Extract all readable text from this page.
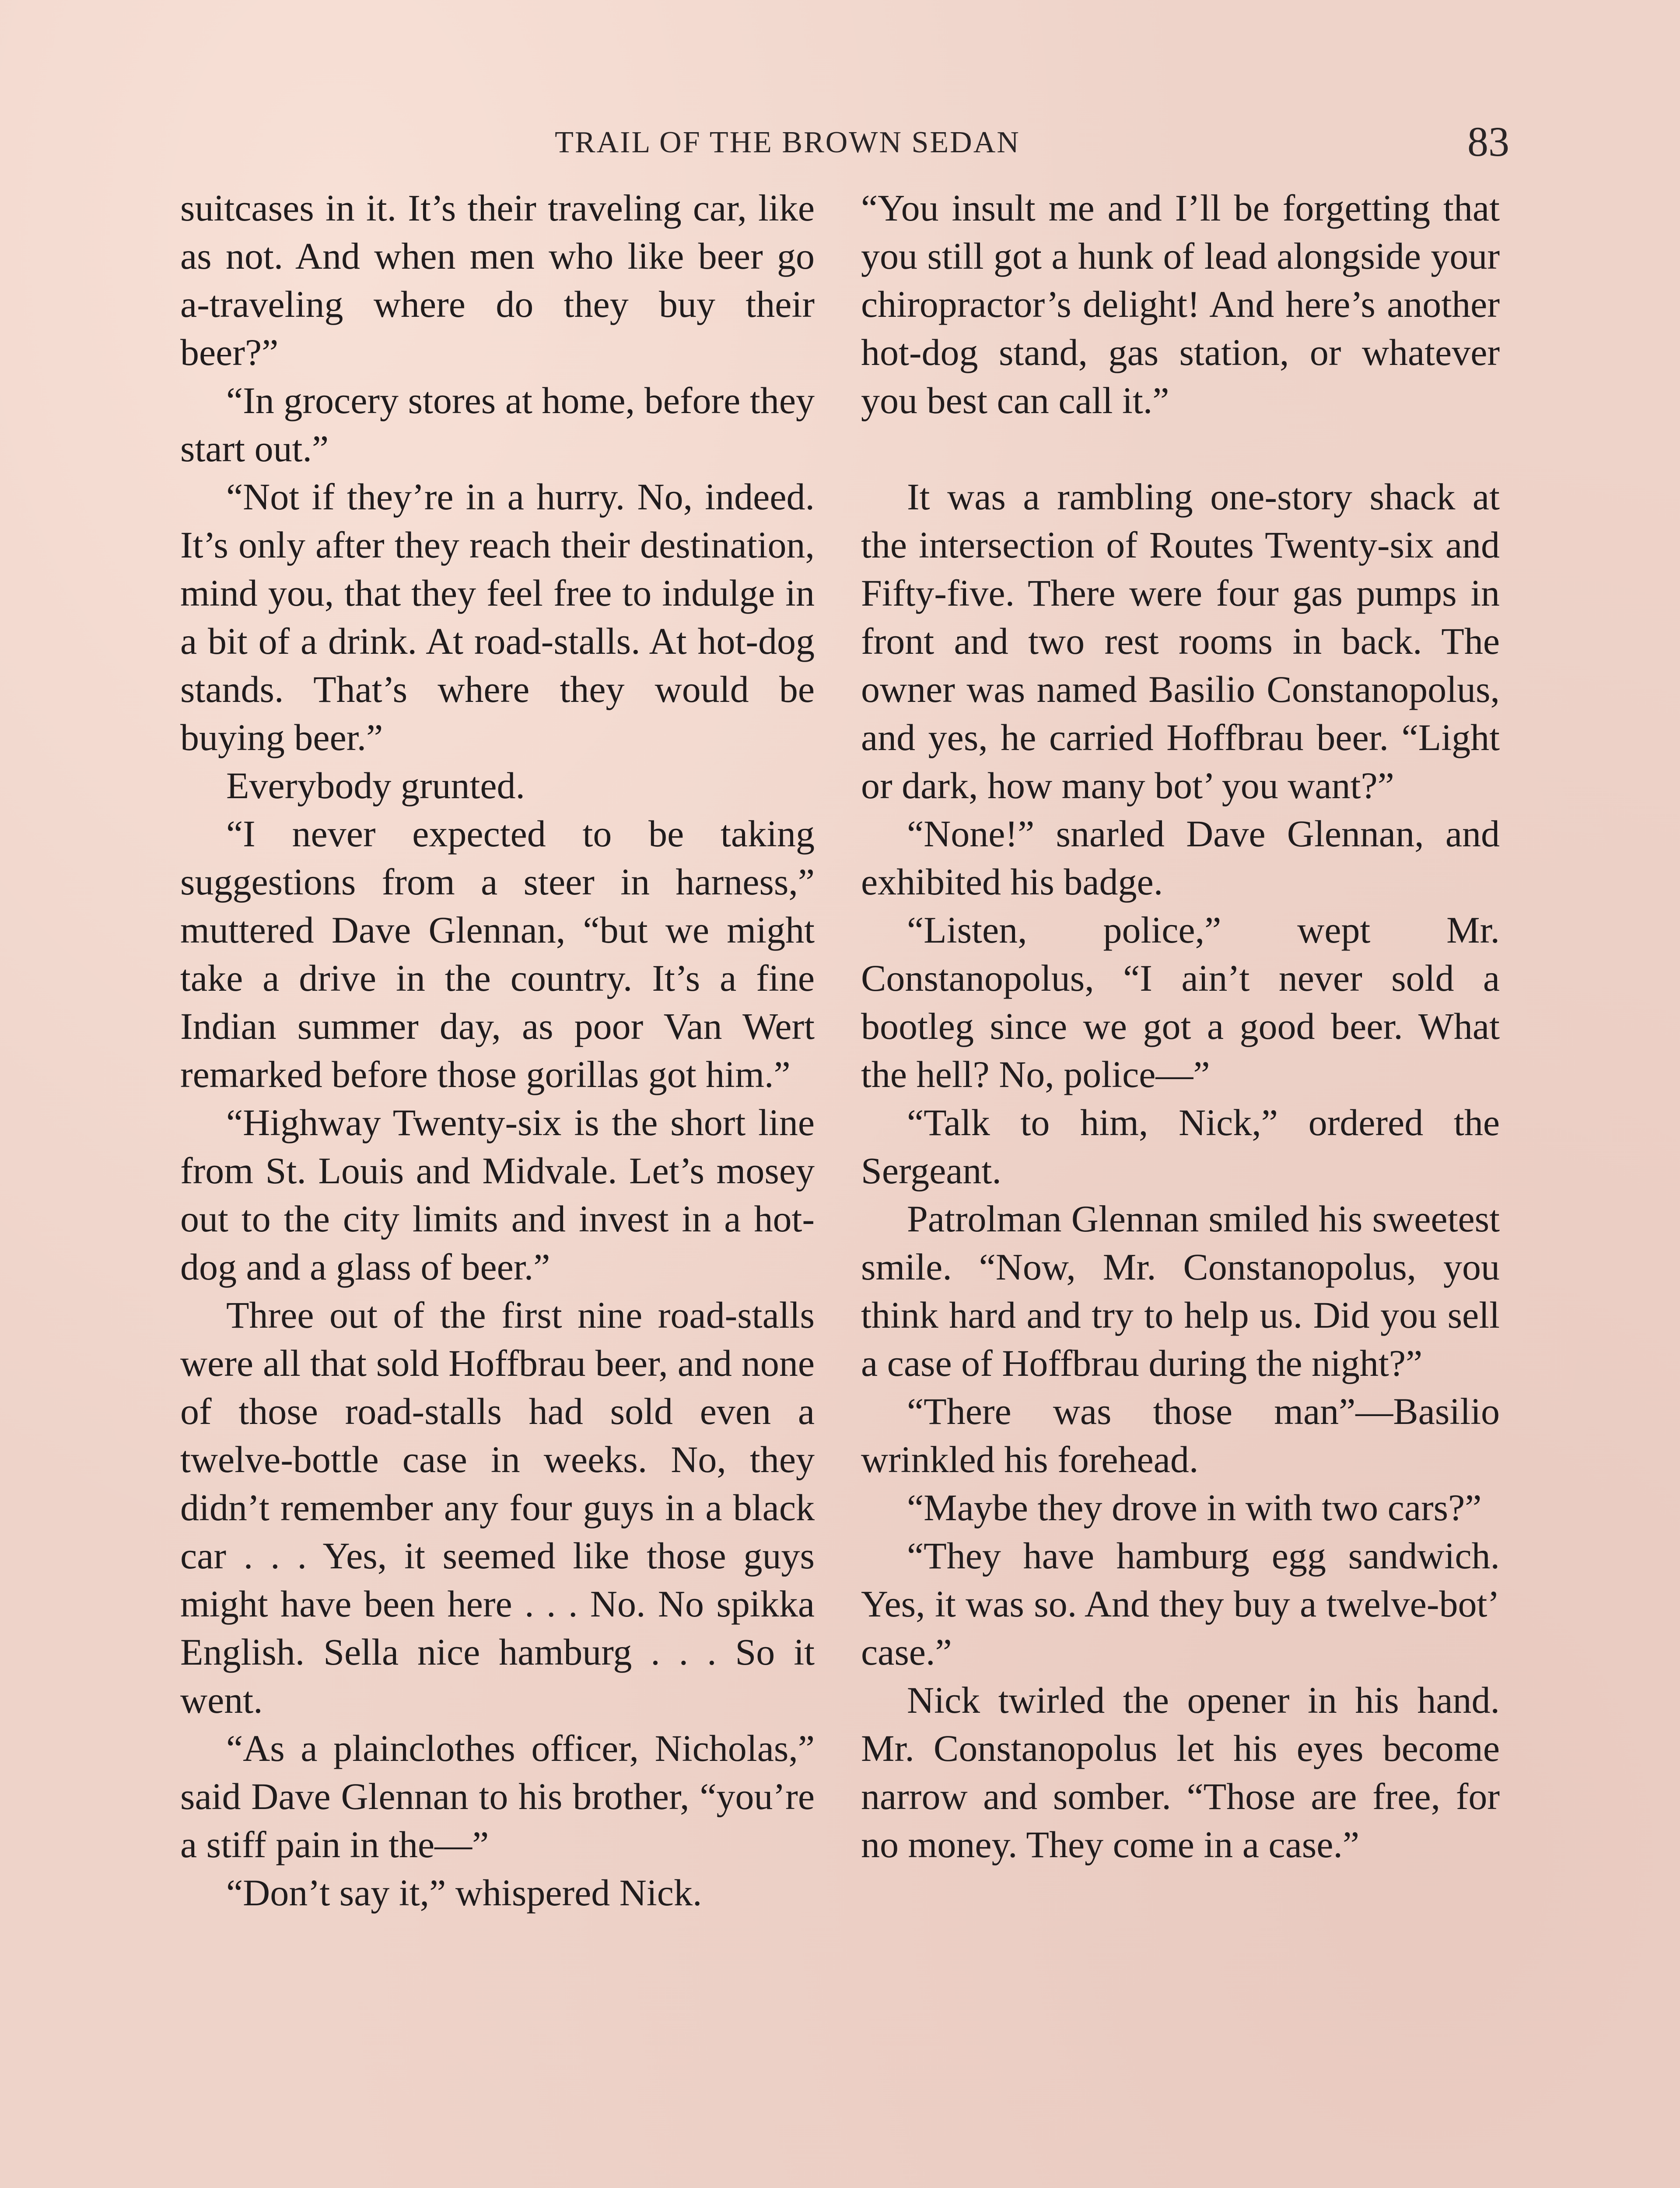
TRAIL OF THE BROWN SEDAN	83

suitcases in it. It’s their traveling car, like as not. And when men who like beer go a-traveling where do they buy their beer?”

“In grocery stores at home, before they start out.”

“Not if they’re in a hurry. No, indeed. It’s only after they reach their destination, mind you, that they feel free to indulge in a bit of a drink. At road-stalls. At hot-dog stands. That’s where they would be buying beer.”

Everybody grunted.

“I never expected to be taking suggestions from a steer in harness,” muttered Dave Glennan, “but we might take a drive in the country. It’s a fine Indian summer day, as poor Van Wert remarked before those gorillas got him.”

“Highway Twenty-six is the short line from St. Louis and Midvale. Let’s mosey out to the city limits and invest in a hot-dog and a glass of beer.”

Three out of the first nine road-stalls were all that sold Hoffbrau beer, and none of those road-stalls had sold even a twelve-bottle case in weeks. No, they didn’t remember any four guys in a black car . . . Yes, it seemed like those guys might have been here . . . No. No spikka English. Sella nice hamburg . . . So it went.

“As a plainclothes officer, Nicholas,” said Dave Glennan to his brother, “you’re a stiff pain in the—”

“Don’t say it,” whispered Nick.

“You insult me and I’ll be forgetting that you still got a hunk of lead alongside your chiropractor’s delight! And here’s another hot-dog stand, gas station, or whatever you best can call it.”

It was a rambling one-story shack at the intersection of Routes Twenty-six and Fifty-five. There were four gas pumps in front and two rest rooms in back. The owner was named Basilio Constanopolus, and yes, he carried Hoffbrau beer. “Light or dark, how many bot’ you want?”

“None!” snarled Dave Glennan, and exhibited his badge.

“Listen, police,” wept Mr. Constanopolus, “I ain’t never sold a bootleg since we got a good beer. What the hell? No, police—”

“Talk to him, Nick,” ordered the Sergeant.

Patrolman Glennan smiled his sweetest smile. “Now, Mr. Constanopolus, you think hard and try to help us. Did you sell a case of Hoffbrau during the night?”

“There was those man”—Basilio wrinkled his forehead.

“Maybe they drove in with two cars?”

“They have hamburg egg sandwich. Yes, it was so. And they buy a twelve-bot’ case.”

Nick twirled the opener in his hand. Mr. Constanopolus let his eyes become narrow and somber. “Those are free, for no money. They come in a case.”
